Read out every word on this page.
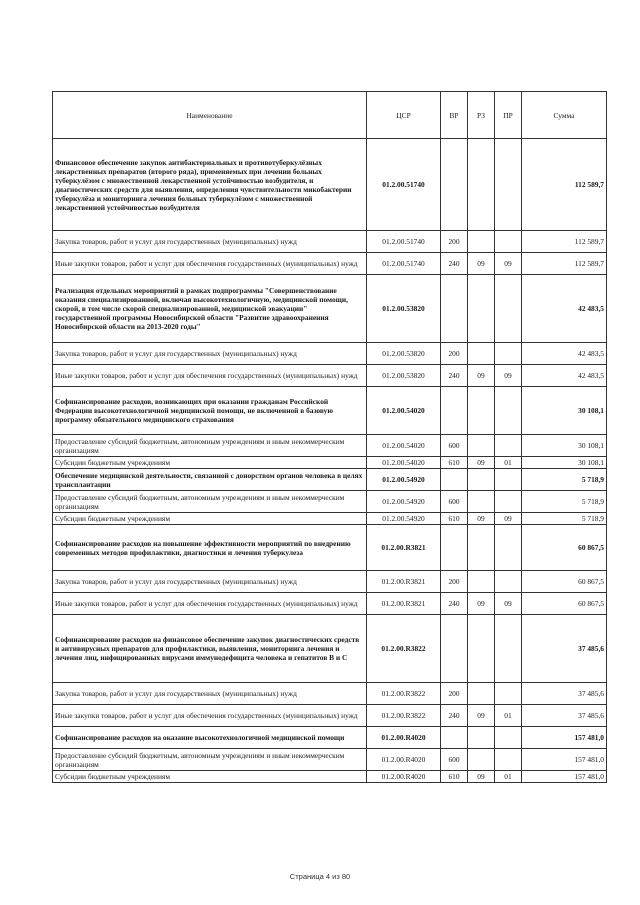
Наименование	ЦСР	ВР	РЗ	ПР	Сумма
Финансовое обеспечение закупок антибактериальных и противотуберкулёзных лекарственных препаратов (второго ряда), применяемых при лечении больных туберкулёзом с множественной лекарственной устойчивостью возбудителя, и диагностических средств для выявления, определения чувствительности микобактерии туберкулёза и мониторинга лечения больных туберкулёзом с множественной лекарственной устойчивостью возбудителя	01.2.00.51740				112 589,7
Закупка товаров, работ и услуг для государственных (муниципальных) нужд	01.2.00.51740	200			112 589,7
Иные закупки товаров, работ и услуг для обеспечения государственных (муниципальных) нужд	01.2.00.51740	240	09	09	112 589,7
Реализация отдельных мероприятий в рамках подпрограммы "Совершенствование оказания специализированной, включая высокотехнологичную, медицинской помощи, скорой, в том числе скорой специализированной, медицинской эвакуации" государственной программы Новосибирской области "Развитие здравоохранения Новосибирской области на 2013-2020 годы"	01.2.00.53820				42 483,5
Закупка товаров, работ и услуг для государственных (муниципальных) нужд	01.2.00.53820	200			42 483,5
Иные закупки товаров, работ и услуг для обеспечения государственных (муниципальных) нужд	01.2.00.53820	240	09	09	42 483,5
Софинансирование расходов, возникающих при оказании гражданам Российской Федерации высокотехнологичной медицинской помощи, не включенной в базовую программу обязательного медицинского страхования	01.2.00.54020				30 108,1
Предоставление субсидий бюджетным, автономным учреждениям и иным некоммерческим организациям	01.2.00.54020	600			30 108,1
Субсидии бюджетным учреждениям	01.2.00.54020	610	09	01	30 108,1
Обеспечение медицинской деятельности, связанной с донорством органов человека в целях трансплантации	01.2.00.54920				5 718,9
Предоставление субсидий бюджетным, автономным учреждениям и иным некоммерческим организациям	01.2.00.54920	600			5 718,9
Субсидии бюджетным учреждениям	01.2.00.54920	610	09	09	5 718,9
Софинансирование расходов на повышение эффективности мероприятий по внедрению современных методов профилактики, диагностики и лечения туберкулеза	01.2.00.R3821				60 867,5
Закупка товаров, работ и услуг для государственных (муниципальных) нужд	01.2.00.R3821	200			60 867,5
Иные закупки товаров, работ и услуг для обеспечения государственных (муниципальных) нужд	01.2.00.R3821	240	09	09	60 867,5
Софинансирование расходов на финансовое обеспечение закупок диагностических средств и антивирусных препаратов для профилактики, выявления, мониторинга лечения и лечения лиц, инфицированных вирусами иммунодефицита человека и гепатитов В и С	01.2.00.R3822				37 485,6
Закупка товаров, работ и услуг для государственных (муниципальных) нужд	01.2.00.R3822	200			37 485,6
Иные закупки товаров, работ и услуг для обеспечения государственных (муниципальных) нужд	01.2.00.R3822	240	09	01	37 485,6
Софинансирование расходов на оказание высокотехнологичной медицинской помощи	01.2.00.R4020				157 481,0
Предоставление субсидий бюджетным, автономным учреждениям и иным некоммерческим организациям	01.2.00.R4020	600			157 481,0
Субсидии бюджетным учреждениям	01.2.00.R4020	610	09	01	157 481,0
Страница 4 из 80
